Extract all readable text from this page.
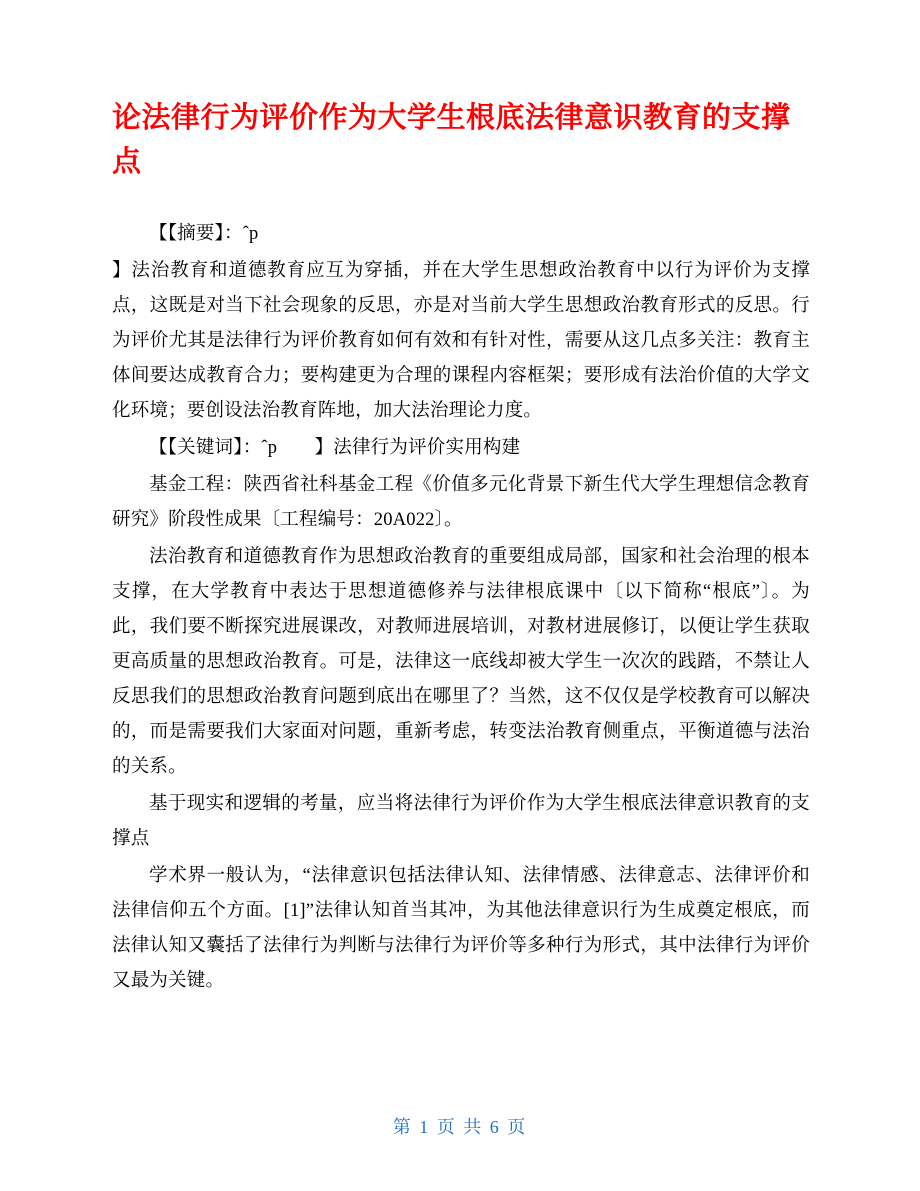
论法律行为评价作为大学生根底法律意识教育的支撑点

【【摘要】：ˆp

】法治教育和道德教育应互为穿插，并在大学生思想政治教育中以行为评价为支撑点，这既是对当下社会现象的反思，亦是对当前大学生思想政治教育形式的反思。行为评价尤其是法律行为评价教育如何有效和有针对性，需要从这几点多关注：教育主体间要达成教育合力；要构建更为合理的课程内容框架；要形成有法治价值的大学文化环境；要创设法治教育阵地，加大法治理论力度。

【【关键词】：ˆp　　】法律行为评价实用构建

基金工程：陕西省社科基金工程《价值多元化背景下新生代大学生理想信念教育研究》阶段性成果〔工程编号：20A022〕。

法治教育和道德教育作为思想政治教育的重要组成局部，国家和社会治理的根本支撑，在大学教育中表达于思想道德修养与法律根底课中〔以下简称“根底”〕。为此，我们要不断探究进展课改，对教师进展培训，对教材进展修订，以便让学生获取更高质量的思想政治教育。可是，法律这一底线却被大学生一次次的践踏，不禁让人反思我们的思想政治教育问题到底出在哪里了？当然，这不仅仅是学校教育可以解决的，而是需要我们大家面对问题，重新考虑，转变法治教育侧重点，平衡道德与法治的关系。

基于现实和逻辑的考量，应当将法律行为评价作为大学生根底法律意识教育的支撑点

学术界一般认为，“法律意识包括法律认知、法律情感、法律意志、法律评价和法律信仰五个方面。[1]”法律认知首当其冲，为其他法律意识行为生成奠定根底，而法律认知又囊括了法律行为判断与法律行为评价等多种行为形式，其中法律行为评价又最为关键。

第 1 页 共 6 页
